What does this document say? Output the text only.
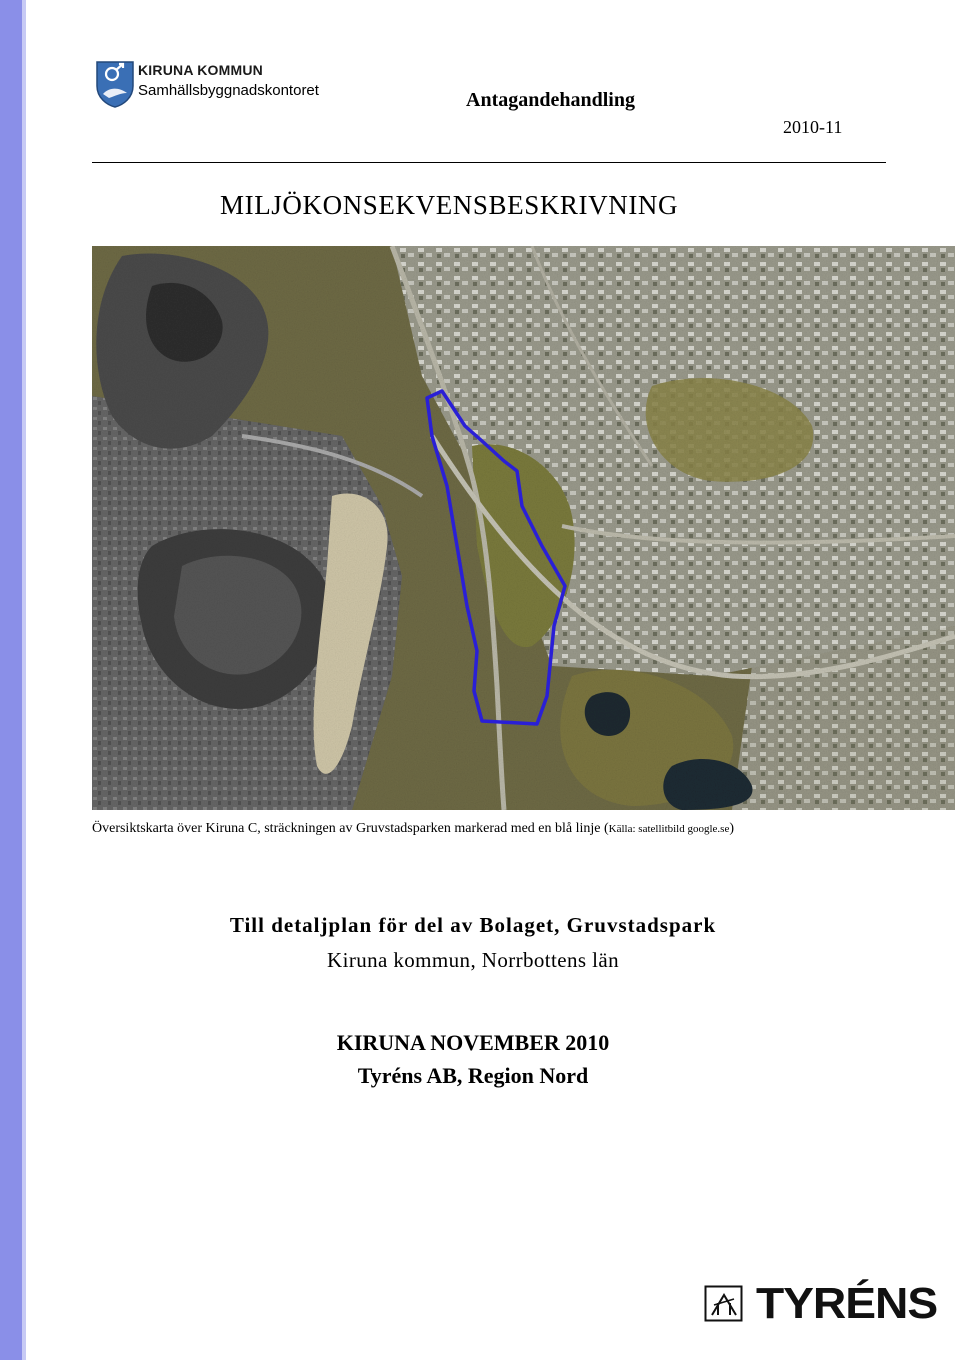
KIRUNA KOMMUN
Samhällsbyggnadskontoret	Antagandehandling
2010-11
MILJÖKONSEKVENSBESKRIVNING
Översiktskarta över Kiruna C, sträckningen av Gruvstadsparken markerad med en blå linje (Källa: satellitbild google.se)
Till detaljplan för del av Bolaget, Gruvstadspark
Kiruna kommun, Norrbottens län
KIRUNA NOVEMBER 2010
Tyréns AB, Region Nord
TYRÉNS
